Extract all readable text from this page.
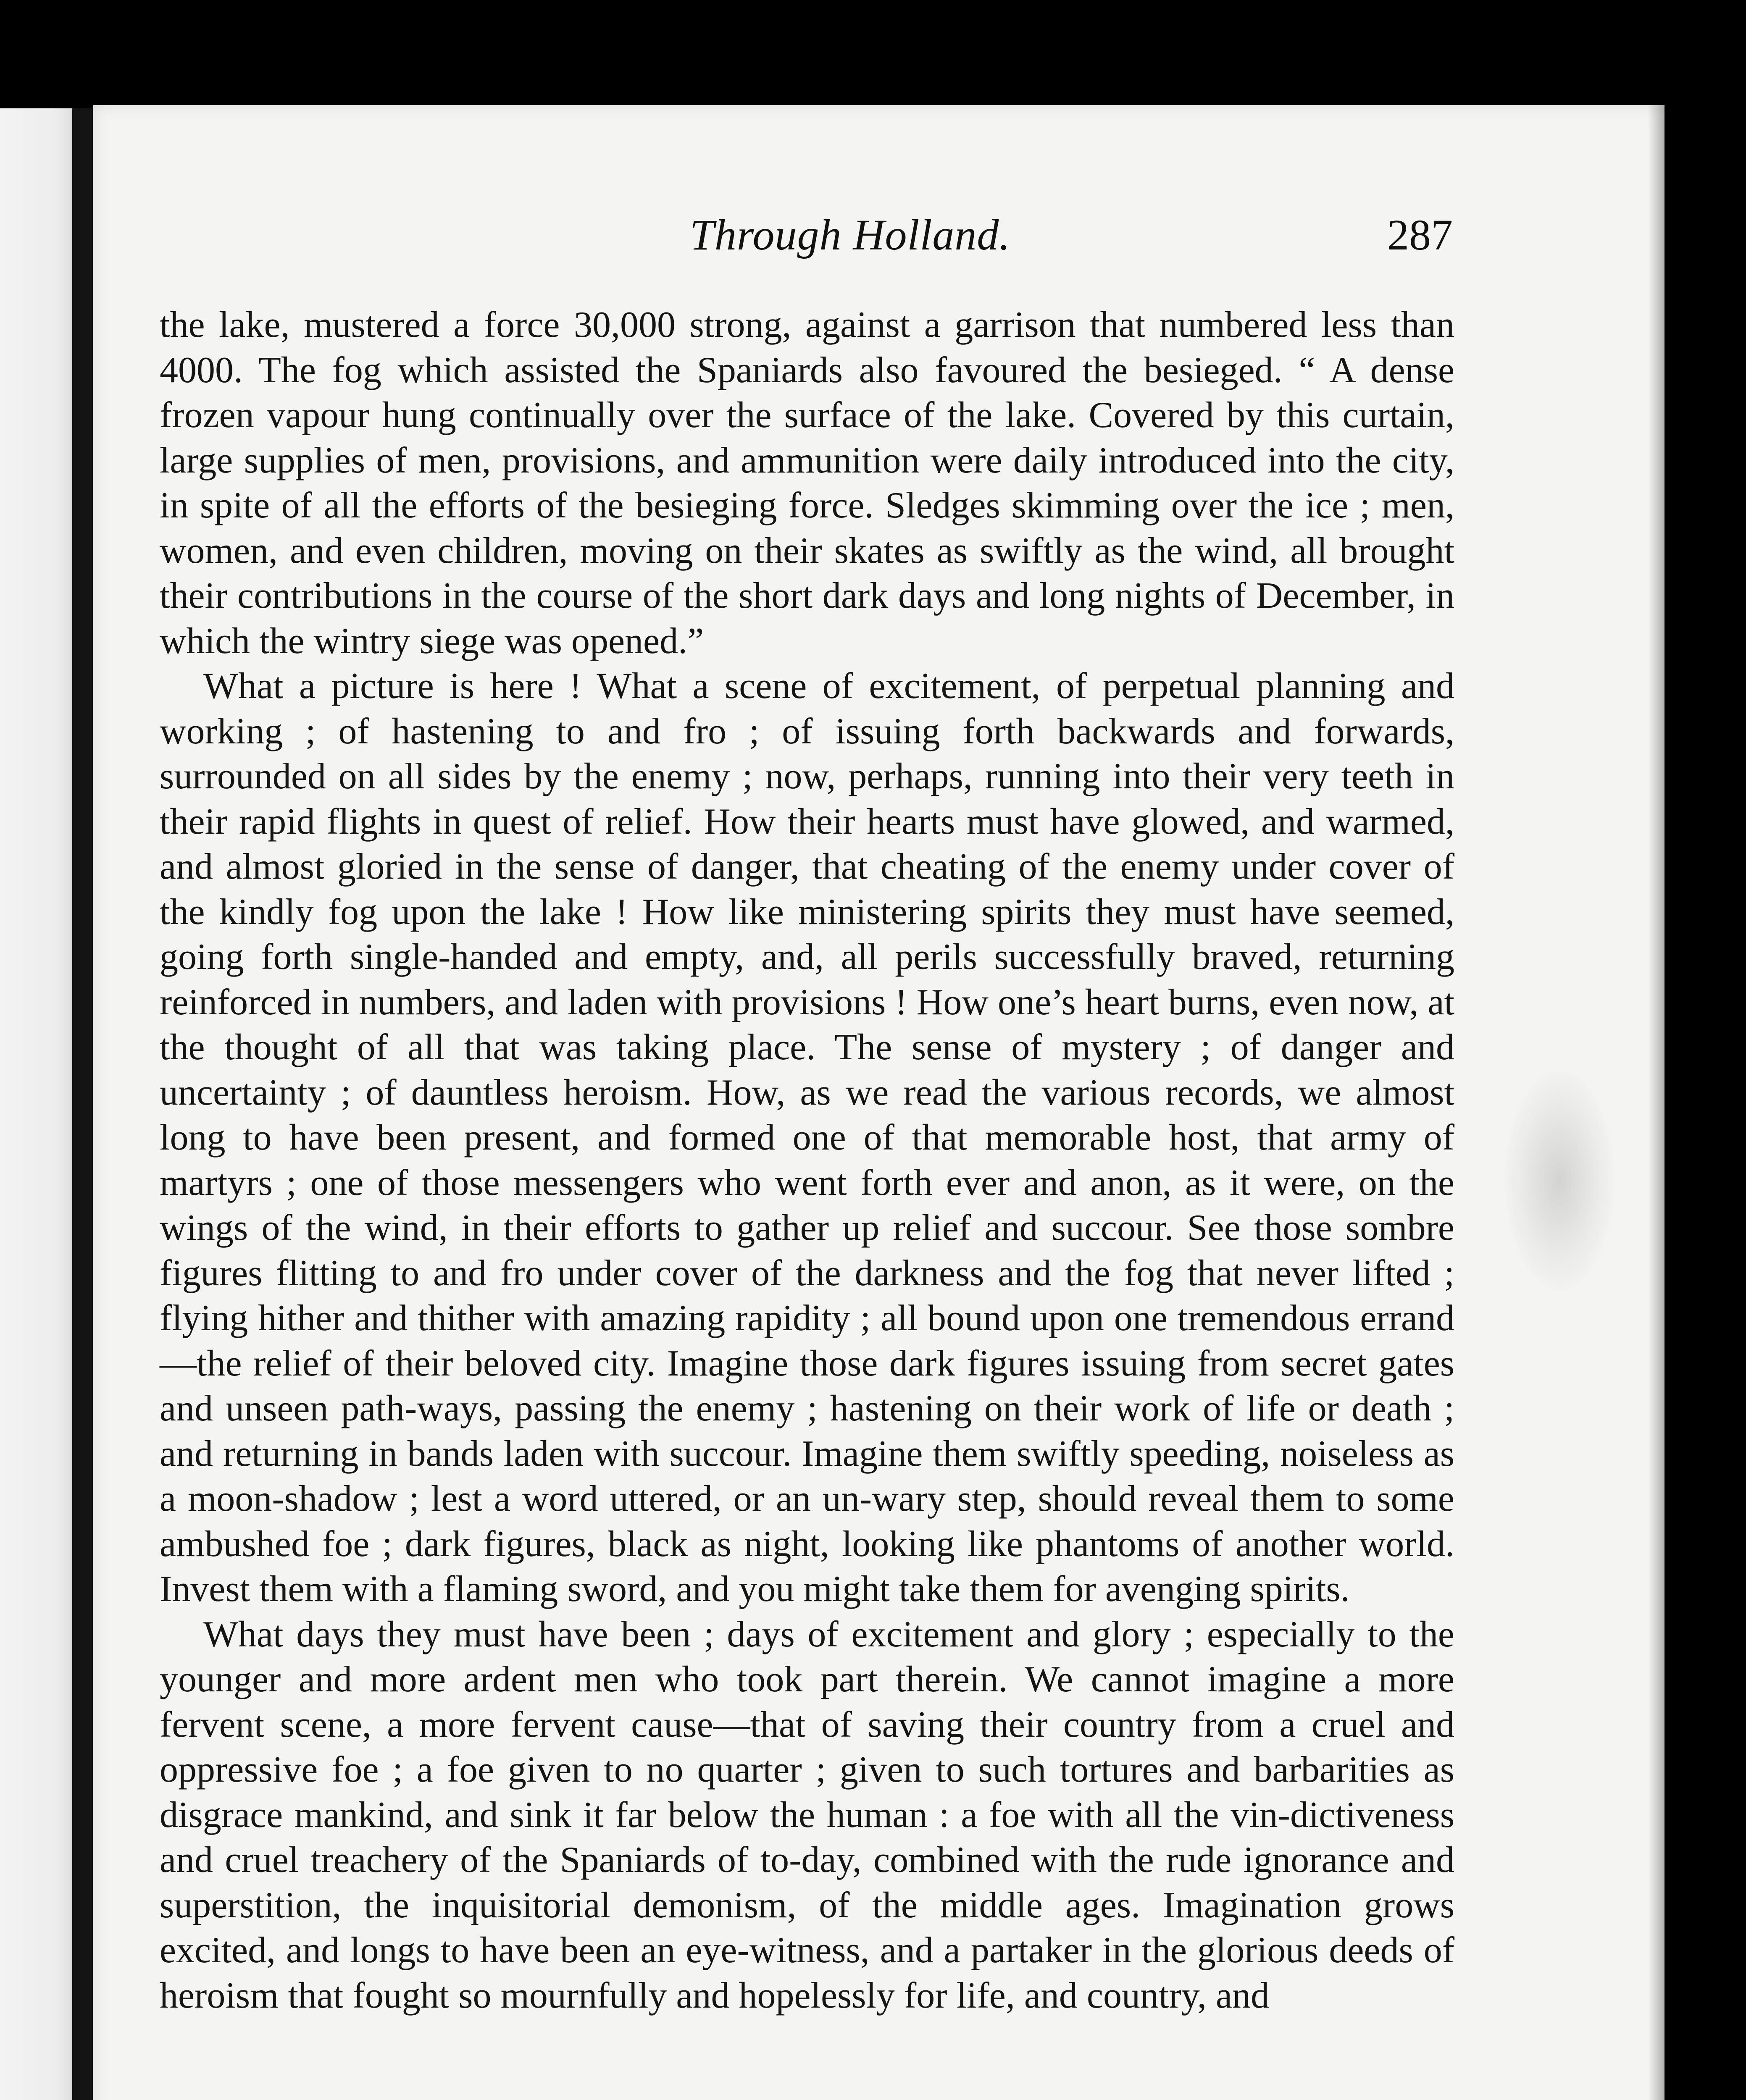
Through Holland.	287

the lake, mustered a force 30,000 strong, against a garrison that numbered less than 4000. The fog which assisted the Spaniards also favoured the besieged. “ A dense frozen vapour hung continually over the surface of the lake. Covered by this curtain, large supplies of men, provisions, and ammunition were daily introduced into the city, in spite of all the efforts of the besieging force. Sledges skimming over the ice ; men, women, and even children, moving on their skates as swiftly as the wind, all brought their contributions in the course of the short dark days and long nights of December, in which the wintry siege was opened.”

What a picture is here ! What a scene of excitement, of perpetual planning and working ; of hastening to and fro ; of issuing forth backwards and forwards, surrounded on all sides by the enemy ; now, perhaps, running into their very teeth in their rapid flights in quest of relief. How their hearts must have glowed, and warmed, and almost gloried in the sense of danger, that cheating of the enemy under cover of the kindly fog upon the lake ! How like ministering spirits they must have seemed, going forth single-handed and empty, and, all perils successfully braved, returning reinforced in numbers, and laden with provisions ! How one’s heart burns, even now, at the thought of all that was taking place. The sense of mystery ; of danger and uncertainty ; of dauntless heroism. How, as we read the various records, we almost long to have been present, and formed one of that memorable host, that army of martyrs ; one of those messengers who went forth ever and anon, as it were, on the wings of the wind, in their efforts to gather up relief and succour. See those sombre figures flitting to and fro under cover of the darkness and the fog that never lifted ; flying hither and thither with amazing rapidity ; all bound upon one tremendous errand—the relief of their beloved city. Imagine those dark figures issuing from secret gates and unseen path-ways, passing the enemy ; hastening on their work of life or death ; and returning in bands laden with succour. Imagine them swiftly speeding, noiseless as a moon-shadow ; lest a word uttered, or an un-wary step, should reveal them to some ambushed foe ; dark figures, black as night, looking like phantoms of another world. Invest them with a flaming sword, and you might take them for avenging spirits.

What days they must have been ; days of excitement and glory ; especially to the younger and more ardent men who took part therein. We cannot imagine a more fervent scene, a more fervent cause—that of saving their country from a cruel and oppressive foe ; a foe given to no quarter ; given to such tortures and barbarities as disgrace mankind, and sink it far below the human : a foe with all the vin-dictiveness and cruel treachery of the Spaniards of to-day, combined with the rude ignorance and superstition, the inquisitorial demonism, of the middle ages. Imagination grows excited, and longs to have been an eye-witness, and a partaker in the glorious deeds of heroism that fought so mournfully and hopelessly for life, and country, and
